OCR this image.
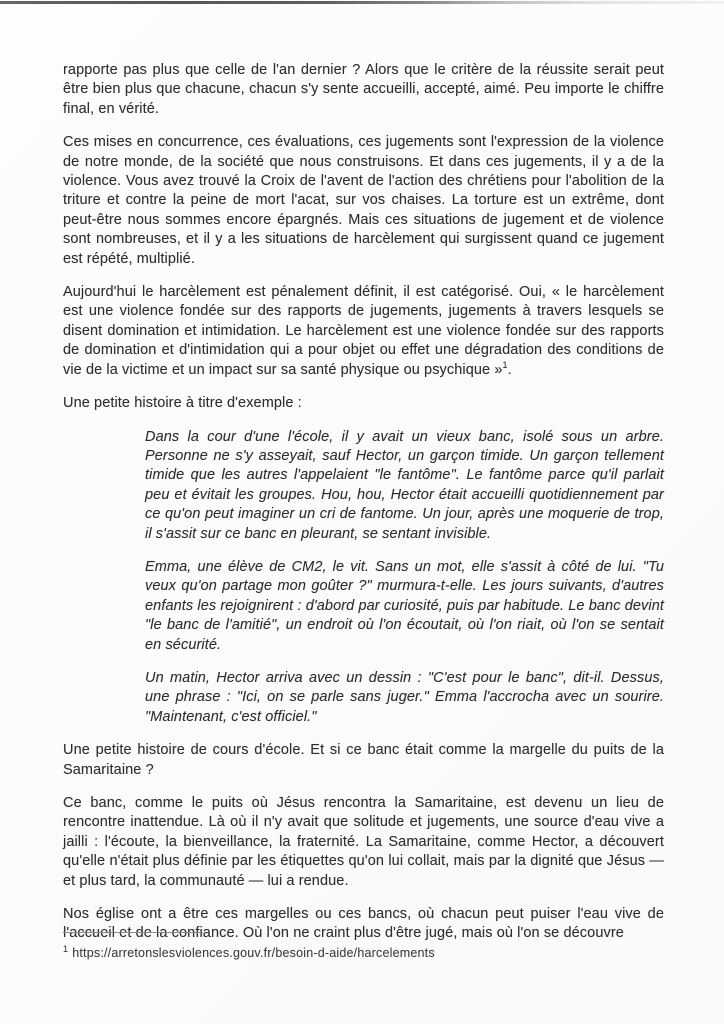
rapporte pas plus que celle de l'an dernier ? Alors que le critère de la réussite serait peut être bien plus que chacune, chacun s'y sente accueilli, accepté, aimé. Peu importe le chiffre final, en vérité.

Ces mises en concurrence, ces évaluations, ces jugements sont l'expression de la violence de notre monde, de la société que nous construisons. Et dans ces jugements, il y a de la violence. Vous avez trouvé la Croix de l'avent de l'action des chrétiens pour l'abolition de la triture et contre la peine de mort l'acat, sur vos chaises. La torture est un extrême, dont peut-être nous sommes encore épargnés. Mais ces situations de jugement et de violence sont nombreuses, et il y a les situations de harcèlement qui surgissent quand ce jugement est répété, multiplié.

Aujourd'hui le harcèlement est pénalement définit, il est catégorisé. Oui, « le harcèlement est une violence fondée sur des rapports de jugements, jugements à travers lesquels se disent domination et intimidation. Le harcèlement est une violence fondée sur des rapports de domination et d'intimidation qui a pour objet ou effet une dégradation des conditions de vie de la victime et un impact sur sa santé physique ou psychique »$^1$.

Une petite histoire à titre d'exemple :

Dans la cour d'une l'école, il y avait un vieux banc, isolé sous un arbre. Personne ne s'y asseyait, sauf Hector, un garçon timide. Un garçon tellement timide que les autres l'appelaient "le fantôme". Le fantôme parce qu'il parlait peu et évitait les groupes. Hou, hou, Hector était accueilli quotidiennement par ce qu'on peut imaginer un cri de fantome. Un jour, après une moquerie de trop, il s'assit sur ce banc en pleurant, se sentant invisible.

Emma, une élève de CM2, le vit. Sans un mot, elle s'assit à côté de lui. "Tu veux qu'on partage mon goûter ?" murmura-t-elle. Les jours suivants, d'autres enfants les rejoignirent : d'abord par curiosité, puis par habitude. Le banc devint "le banc de l'amitié", un endroit où l'on écoutait, où l'on riait, où l'on se sentait en sécurité.

Un matin, Hector arriva avec un dessin : "C'est pour le banc", dit-il. Dessus, une phrase : "Ici, on se parle sans juger." Emma l'accrocha avec un sourire. "Maintenant, c'est officiel."

Une petite histoire de cours d'école. Et si ce banc était comme la margelle du puits de la Samaritaine ?

Ce banc, comme le puits où Jésus rencontra la Samaritaine, est devenu un lieu de rencontre inattendue. Là où il n'y avait que solitude et jugements, une source d'eau vive a jailli : l'écoute, la bienveillance, la fraternité. La Samaritaine, comme Hector, a découvert qu'elle n'était plus définie par les étiquettes qu'on lui collait, mais par la dignité que Jésus — et plus tard, la communauté — lui a rendue.

Nos église ont a être ces margelles ou ces bancs, où chacun peut puiser l'eau vive de l'accueil et de la confiance. Où l'on ne craint plus d'être jugé, mais où l'on se découvre

$^1$ https://arretonslesviolences.gouv.fr/besoin-d-aide/harcelements
